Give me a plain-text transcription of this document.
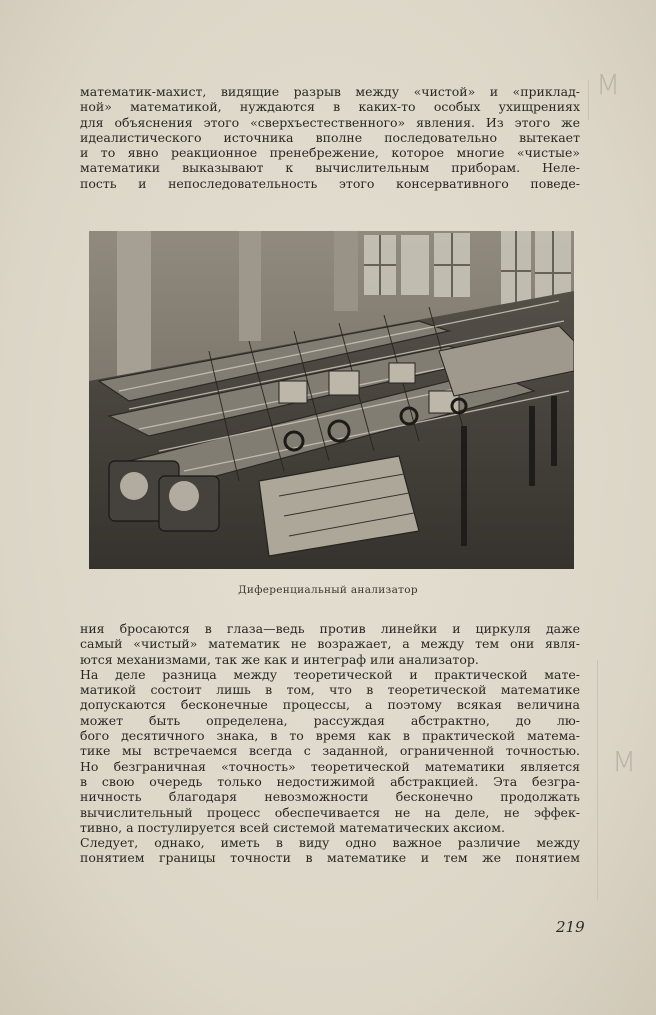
M
M
математик-махист, видящие разрыв между «чистой» и «приклад-
ной» математикой, нуждаются в каких-то особых ухищрениях
для объяснения этого «сверхъестественного» явления. Из этого же
идеалистического источника вполне последовательно вытекает
и то явно реакционное пренебрежение, которое многие «чистые»
математики выказывают к вычислительным приборам. Неле-
пость и непоследовательность этого консервативного поведе-
Диференциальный анализатор
ния бросаются в глаза—ведь против линейки и циркуля даже
самый «чистый» математик не возражает, а между тем они явля-
ются механизмами, так же как и интеграф или анализатор.
На деле разница между теоретической и практической мате-
матикой состоит лишь в том, что в теоретической математике
допускаются бесконечные процессы, а поэтому всякая величина
может быть определена, рассуждая абстрактно, до лю-
бого десятичного знака, в то время как в практической матема-
тике мы встречаемся всегда с заданной, ограниченной точностью.
Но безграничная «точность» теоретической математики является
в свою очередь только недостижимой абстракцией. Эта безгра-
ничность благодаря невозможности бесконечно продолжать
вычислительный процесс обеспечивается не на деле, не эффек-
тивно, а постулируется всей системой математических аксиом.
Следует, однако, иметь в виду одно важное различие между
понятием границы точности в математике и тем же понятием
219
